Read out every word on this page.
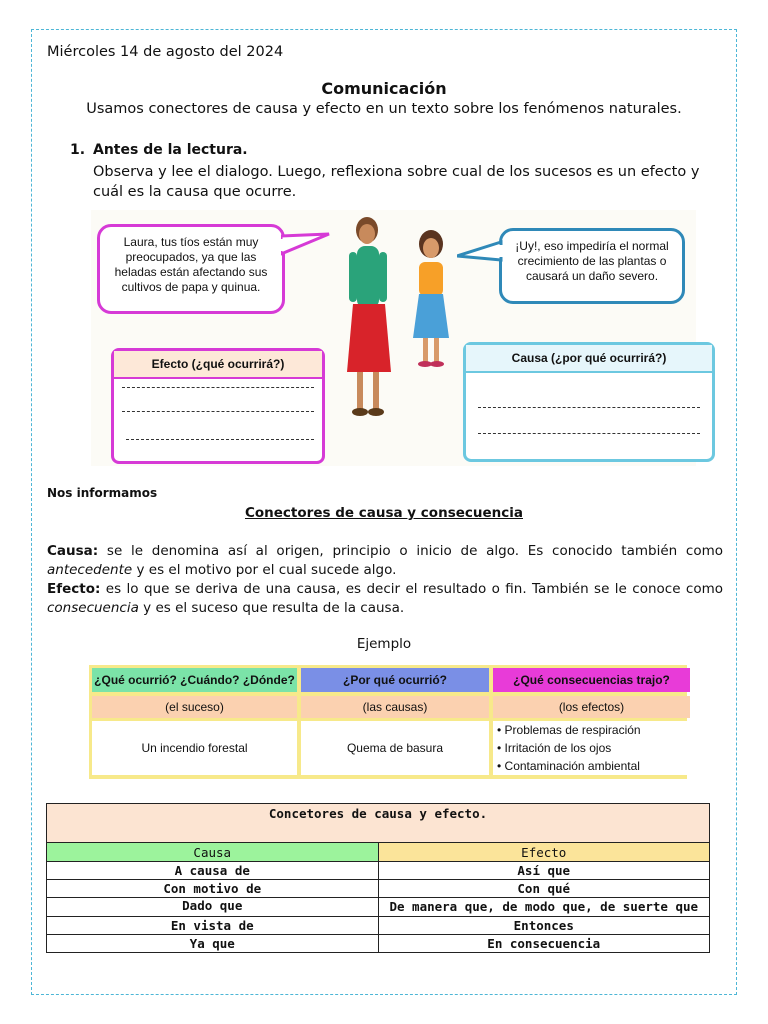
Miércoles 14 de agosto del 2024
Comunicación
Usamos conectores de causa y efecto en un texto sobre los fenómenos naturales.
1. Antes de la lectura.
Observa y lee el dialogo. Luego, reflexiona sobre cual de los sucesos es un efecto y cuál es la causa que ocurre.
Laura, tus tíos están muy preocupados, ya que las heladas están afectando sus cultivos de papa y quinua.
¡Uy!, eso impediría el normal crecimiento de las plantas o causará un daño severo.
Efecto (¿qué ocurrirá?)	Causa (¿por qué ocurrirá?)
Nos informamos
Conectores de causa y consecuencia
Causa: se le denomina así al origen, principio o inicio de algo. Es conocido también como antecedente y es el motivo por el cual sucede algo.
Efecto: es lo que se deriva de una causa, es decir el resultado o fin. También se le conoce como consecuencia y es el suceso que resulta de la causa.
Ejemplo
¿Qué ocurrió? ¿Cuándo? ¿Dónde?	¿Por qué ocurrió?	¿Qué consecuencias trajo?
(el suceso)	(las causas)	(los efectos)
Un incendio forestal	Quema de basura
• Problemas de respiración
• Irritación de los ojos
• Contaminación ambiental
Concetores de causa y efecto.	
Causa	Efecto
A causa de	Así que
Con motivo de	Con qué
Dado que	De manera que, de modo que, de suerte que
En vista de	Entonces
Ya que	En consecuencia
